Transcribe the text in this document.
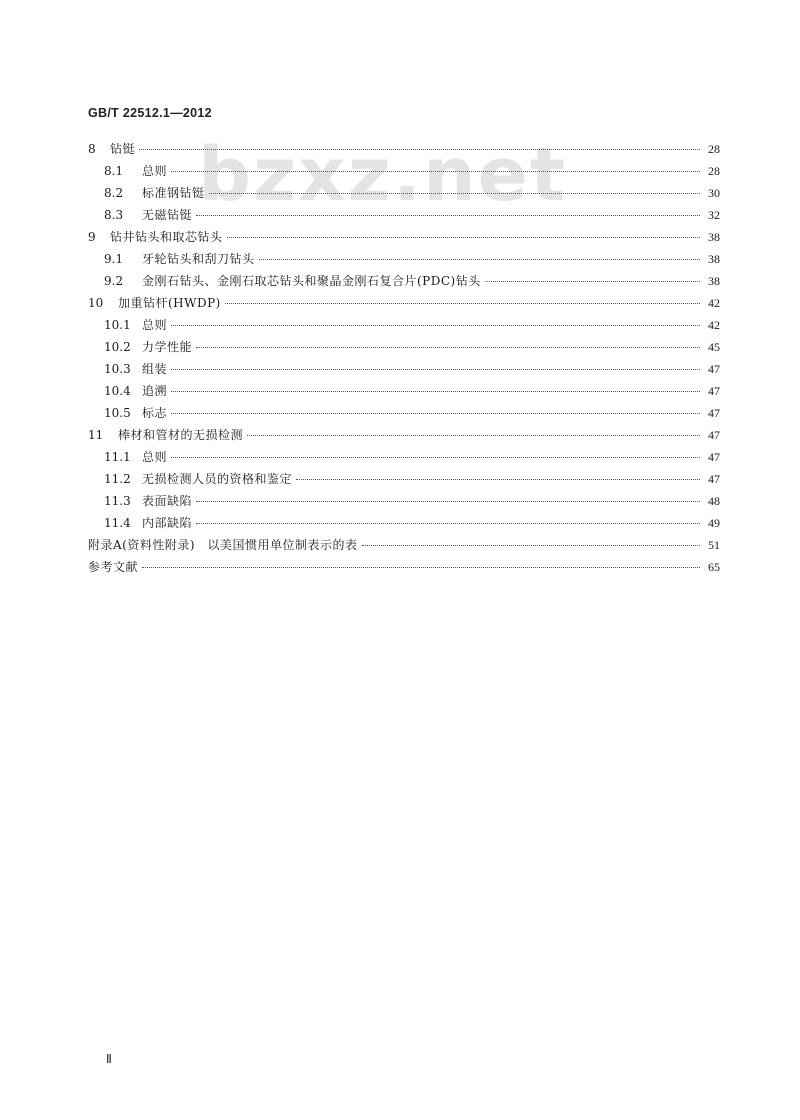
GB/T 22512.1—2012
bzxz.net
8	钻铤	28
8.1	总则	28
8.2	标准钢钻铤	30
8.3	无磁钻铤	32
9	钻井钻头和取芯钻头	38
9.1	牙轮钻头和刮刀钻头	38
9.2	金刚石钻头、金刚石取芯钻头和聚晶金刚石复合片(PDC)钻头	38
10	加重钻杆(HWDP)	42
10.1 总则	42
10.2 力学性能	45
10.3 组装	47
10.4 追溯	47
10.5 标志	47
11	棒材和管材的无损检测	47
11.1 总则	47
11.2 无损检测人员的资格和鉴定	47
11.3 表面缺陷	48
11.4 内部缺陷	49
附录A(资料性附录)　以美国惯用单位制表示的表	51
参考文献	65
Ⅱ
